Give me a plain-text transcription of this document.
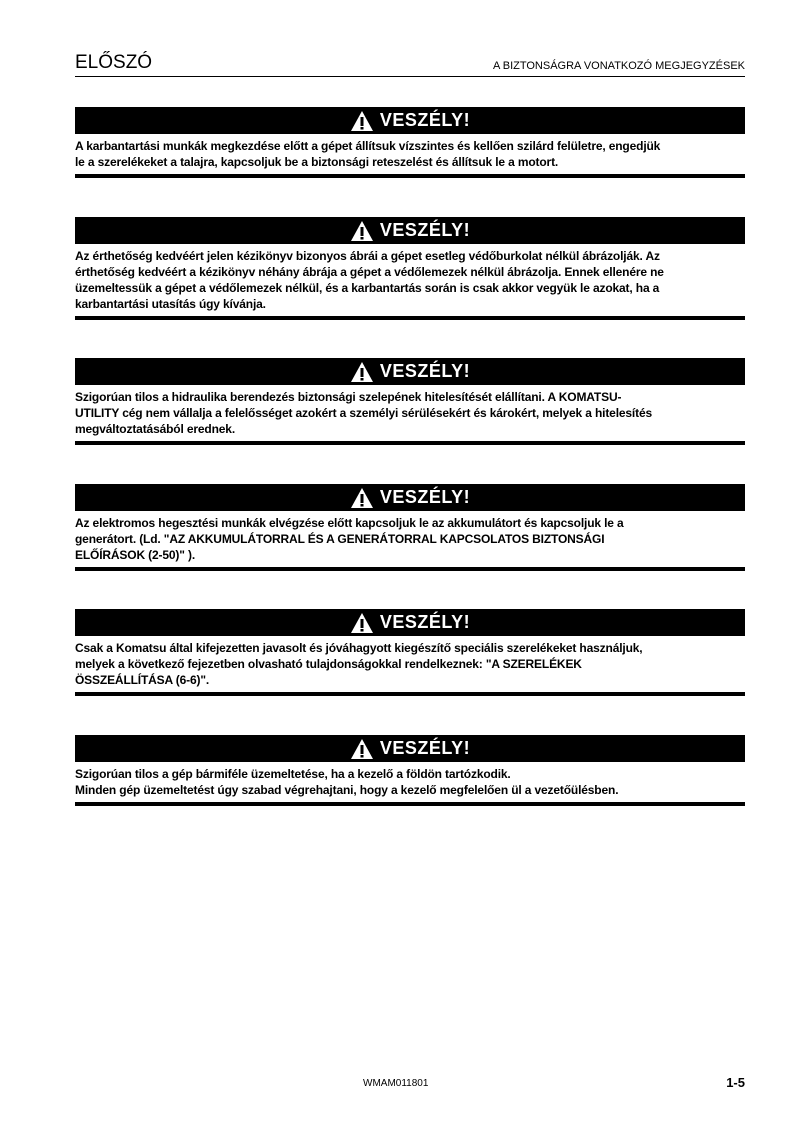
ELŐSZÓ	A BIZTONSÁGRA VONATKOZÓ MEGJEGYZÉSEK
VESZÉLY!
A karbantartási munkák megkezdése előtt a gépet állítsuk vízszintes és kellően szilárd felületre, engedjük
le a szerelékeket a talajra, kapcsoljuk be a biztonsági reteszelést és állítsuk le a motort.
VESZÉLY!
Az érthetőség kedvéért jelen kézikönyv bizonyos ábrái a gépet esetleg védőburkolat nélkül ábrázolják. Az
érthetőség kedvéért a kézikönyv néhány ábrája a gépet a védőlemezek nélkül ábrázolja. Ennek ellenére ne
üzemeltessük a gépet a védőlemezek nélkül, és a karbantartás során is csak akkor vegyük le azokat, ha a
karbantartási utasítás úgy kívánja.
VESZÉLY!
Szigorúan tilos a hidraulika berendezés biztonsági szelepének hitelesítését elállítani. A KOMATSU-
UTILITY cég nem vállalja a felelősséget azokért a személyi sérülésekért és károkért, melyek a hitelesítés
megváltoztatásából erednek.
VESZÉLY!
Az elektromos hegesztési munkák elvégzése előtt kapcsoljuk le az akkumulátort és kapcsoljuk le a
generátort. (Ld. "AZ AKKUMULÁTORRAL ÉS A GENERÁTORRAL KAPCSOLATOS BIZTONSÁGI
ELŐÍRÁSOK (2-50)" ).
VESZÉLY!
Csak a Komatsu által kifejezetten javasolt és jóváhagyott kiegészítő speciális szerelékeket használjuk,
melyek a következő fejezetben olvasható tulajdonságokkal rendelkeznek: "A SZERELÉKEK
ÖSSZEÁLLÍTÁSA (6-6)".
VESZÉLY!
Szigorúan tilos a gép bármiféle üzemeltetése, ha a kezelő a földön tartózkodik.
Minden gép üzemeltetést úgy szabad végrehajtani, hogy a kezelő megfelelően ül a vezetőülésben.
WMAM011801	1-5
